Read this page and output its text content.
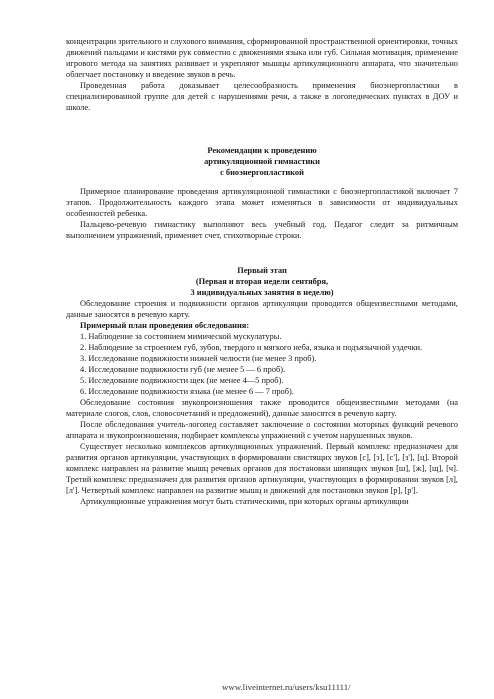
концентрации зрительного и слухового внимания, сформированной пространственной ориентировки, точных движений пальцами и кистями рук совместно с движениями языка или губ. Сильная мотивация, применение игрового метода на занятиях развивает и укрепляют мышцы артикуляционного аппарата, что значительно облегчает постановку и введение звуков в речь.

Проведенная работа доказывает целесообразность применения биоэнергопластики в специализированной группе для детей с нарушениями речи, а также в логопедических пунктах в ДОУ и школе.

Рекомендации к проведению
артикуляционной гимнастики
с биоэнергопластикой

Примерное планирование проведения артикуляционной гимнастики с биоэнергопластикой включает 7 этапов. Продолжительность каждого этапа может изменяться в зависимости от индивидуальных особенностей ребенка.

Пальцево-речевую гимнастику выполняют весь учебный год. Педагог следит за ритмичным выполнением упражнений, применяет счет, стихотворные строки.

Первый этап
(Первая и вторая недели сентября,
3 индивидуальных занятия в неделю)

Обследование строения и подвижности органов артикуляции проводится общеизвестными методами, данные заносятся в речевую карту.

Примерный план проведения обследования:

1. Наблюдение за состоянием мимической мускулатуры.

2. Наблюдение за строением губ, зубов, твердого и мягкого неба, языка и подъязычной уздечки.

3. Исследование подвижности нижней челюсти (не менее 3 проб).

4. Исследование подвижности губ (не менее 5 — 6 проб).

5. Исследование подвижности щек (не менее 4—5 проб).

6. Исследование подвижности языка (не менее 6 — 7 проб).

Обследование состояния звукопроизношения также проводится общеизвестными методами (на материале слогов, слов, словосочетаний и предложений), данные заносятся в речевую карту.

После обследования учитель-логопед составляет заключение о состоянии моторных функций речевого аппарата и звукопроизношения, подбирает комплексы упражнений с учетом нарушенных звуков.

Существует несколько комплексов артикуляционных упражнений. Первый комплекс предназначен для развития органов артикуляции, участвующих в формировании свистящих звуков [с], [з], [с'], [з'], [ц]. Второй комплекс направлен на развитие мышц речевых органов для постановки шипящих звуков [ш], [ж], [щ], [ч]. Третий комплекс предназначен для развития органов артикуляции, участвующих в формировании звуков [л], [л']. Четвертый комплекс направлен на развитие мышц и движений для постановки звуков [р], [р'].

Артикуляционные упражнения могут быть статическими, при которых органы артикуляции

www.liveinternet.ru/users/ksu11111/
